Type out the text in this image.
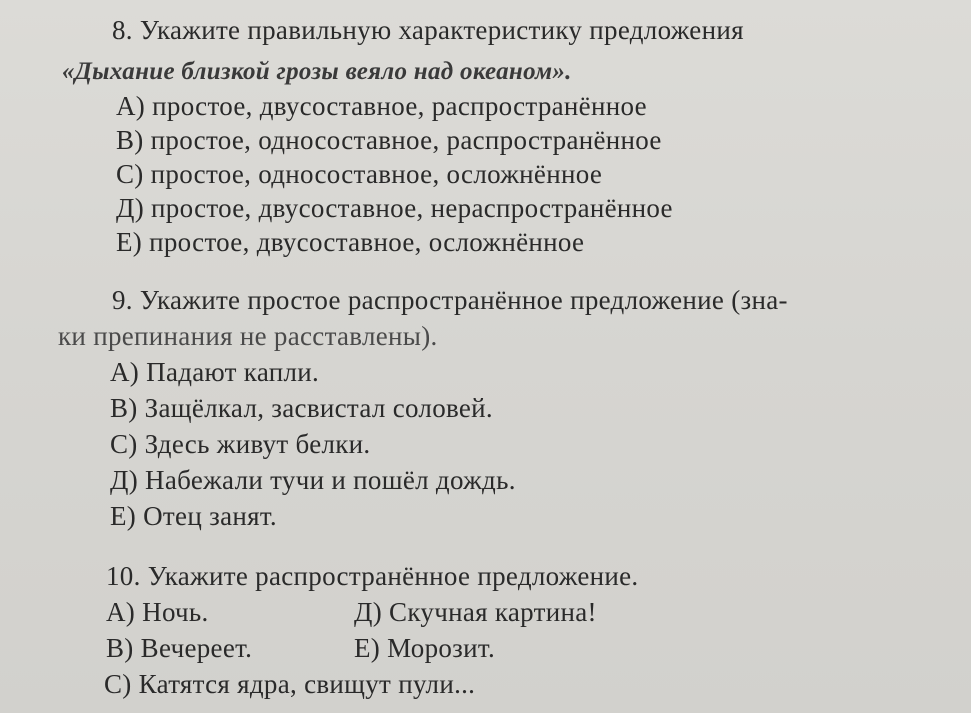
8. Укажите правильную характеристику предложения
«Дыхание близкой грозы веяло над океаном».
А) простое, двусоставное, распространённое
В) простое, односоставное, распространённое
С) простое, односоставное, осложнённое
Д) простое, двусоставное, нераспространённое
Е) простое, двусоставное, осложнённое
9. Укажите простое распространённое предложение (зна-
ки препинания не расставлены).
А) Падают капли.
В) Защёлкал, засвистал соловей.
С) Здесь живут белки.
Д) Набежали тучи и пошёл дождь.
Е) Отец занят.
10. Укажите распространённое предложение.
А) Ночь.	Д) Скучная картина!
В) Вечереет.	Е) Морозит.
С) Катятся ядра, свищут пули...
